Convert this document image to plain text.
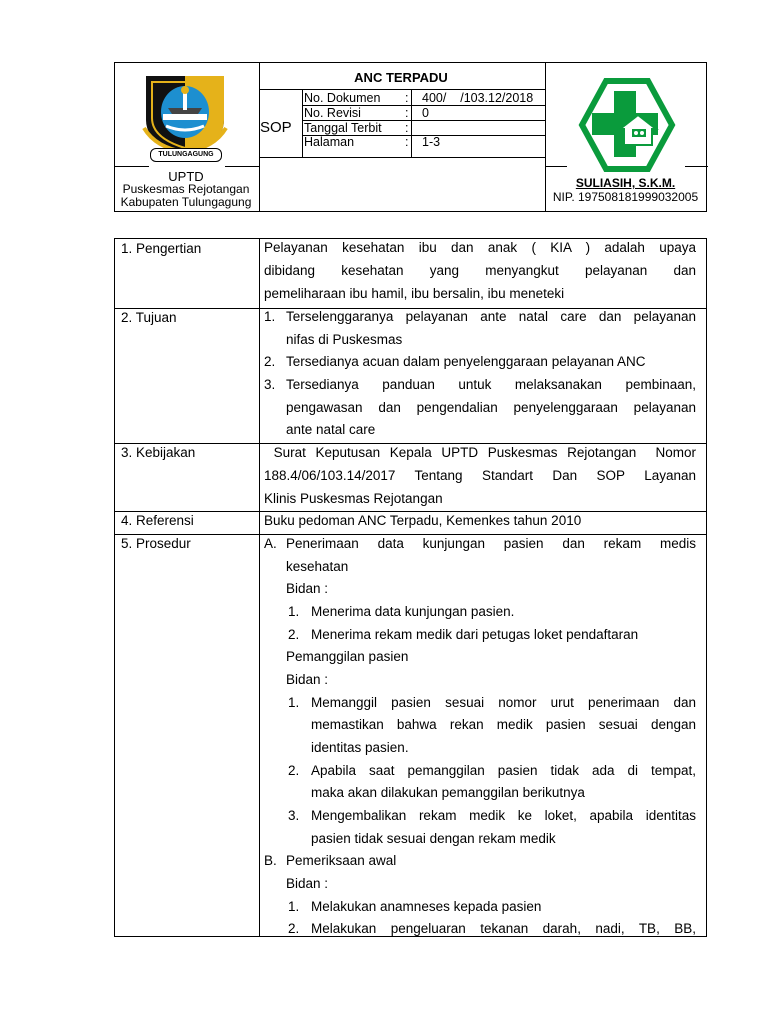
TULUNGAGUNG
UPTD
Puskesmas Rejotangan
Kabupaten Tulungagung
ANC TERPADU
SOP
No. Dokumen : 400/    /103.12/2018
No. Revisi	: 0
Tanggal Terbit :
Halaman	: 1-3
SULIASIH, S.K.M.
NIP. 197508181999032005
1. Pengertian
2. Tujuan
3. Kebijakan
4. Referensi
5. Prosedur
Pelayanan kesehatan ibu dan anak ( KIA ) adalah upaya
dibidang kesehatan yang menyangkut pelayanan dan
pemeliharaan ibu hamil, ibu bersalin, ibu meneteki
1. Terselenggaranya pelayanan ante natal care dan pelayanan
nifas di Puskesmas
2. Tersedianya acuan dalam penyelenggaraan pelayanan ANC
3. Tersedianya panduan untuk melaksanakan pembinaan,
pengawasan dan pengendalian penyelenggaraan pelayanan
ante natal care
Surat Keputusan Kepala UPTD Puskesmas Rejotangan  Nomor
188.4/06/103.14/2017 Tentang Standart Dan SOP Layanan
Klinis Puskesmas Rejotangan
Buku pedoman ANC Terpadu, Kemenkes tahun 2010
A. Penerimaan data kunjungan pasien dan rekam medis
kesehatan
Bidan :
1. Menerima data kunjungan pasien.
2. Menerima rekam medik dari petugas loket pendaftaran
Pemanggilan pasien
Bidan :
1. Memanggil pasien sesuai nomor urut penerimaan dan
memastikan bahwa rekan medik pasien sesuai dengan
identitas pasien.
2. Apabila saat pemanggilan pasien tidak ada di tempat,
maka akan dilakukan pemanggilan berikutnya
3. Mengembalikan rekam medik ke loket, apabila identitas
pasien tidak sesuai dengan rekam medik
B. Pemeriksaan awal
Bidan :
1. Melakukan anamneses kepada pasien
2. Melakukan pengeluaran tekanan darah, nadi, TB, BB,
